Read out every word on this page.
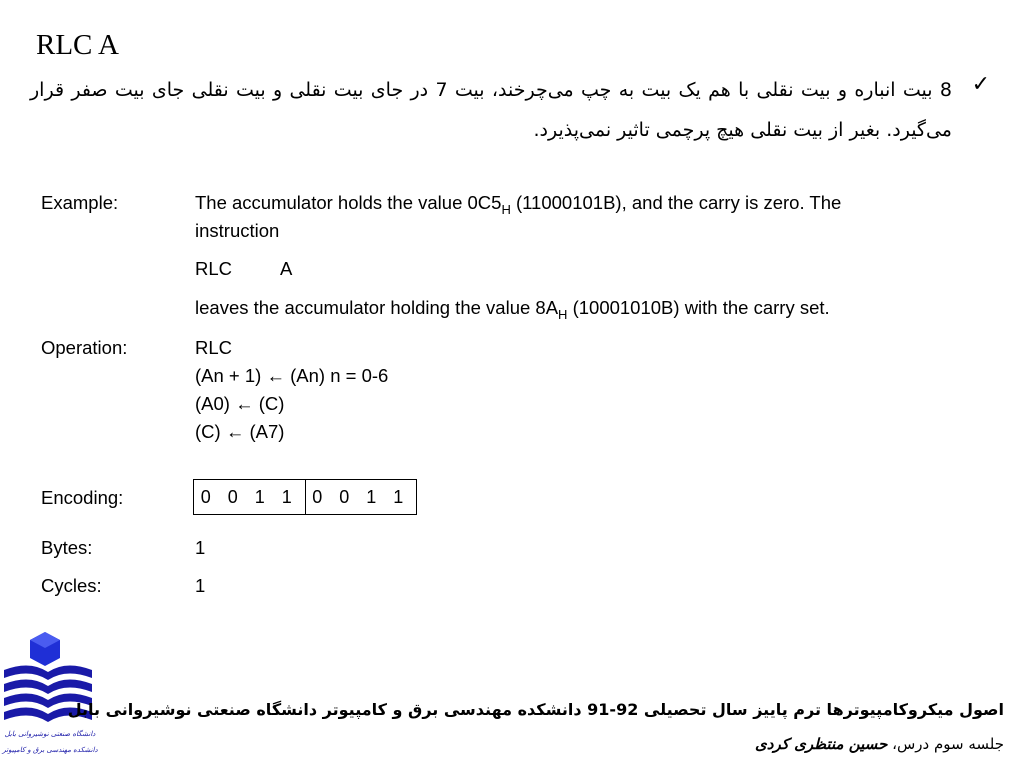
RLC A
✓
8 بیت انباره و بیت نقلی با هم یک بیت به چپ می‌چرخند، بیت 7 در جای بیت نقلی و بیت نقلی جای بیت صفر قرار می‌گیرد. بغیر از بیت نقلی هیچ پرچمی تاثیر نمی‌پذیرد.
Example:	The accumulator holds the value $0C5_H$ (11000101B), and the carry is zero. The
instruction
RLC	A
leaves the accumulator holding the value $8A_H$ (10001010B) with the carry set.
Operation:	RLC
(An + 1) ← (An) n = 0-6
(A0) ← (C)
(C) ← (A7)
Encoding:	0 0 1 1 0 0 1 1
Bytes:	1
Cycles:	1
دانشگاه صنعتی نوشیروانی بابل
دانشکده مهندسی برق و کامپیوتر
اصول میکروکامپیوترها ترم پاییز سال تحصیلی 92-91 دانشکده مهندسی برق و کامپیوتر دانشگاه صنعتی نوشیروانی بابل
جلسه سوم درس، حسین منتظری کردی
